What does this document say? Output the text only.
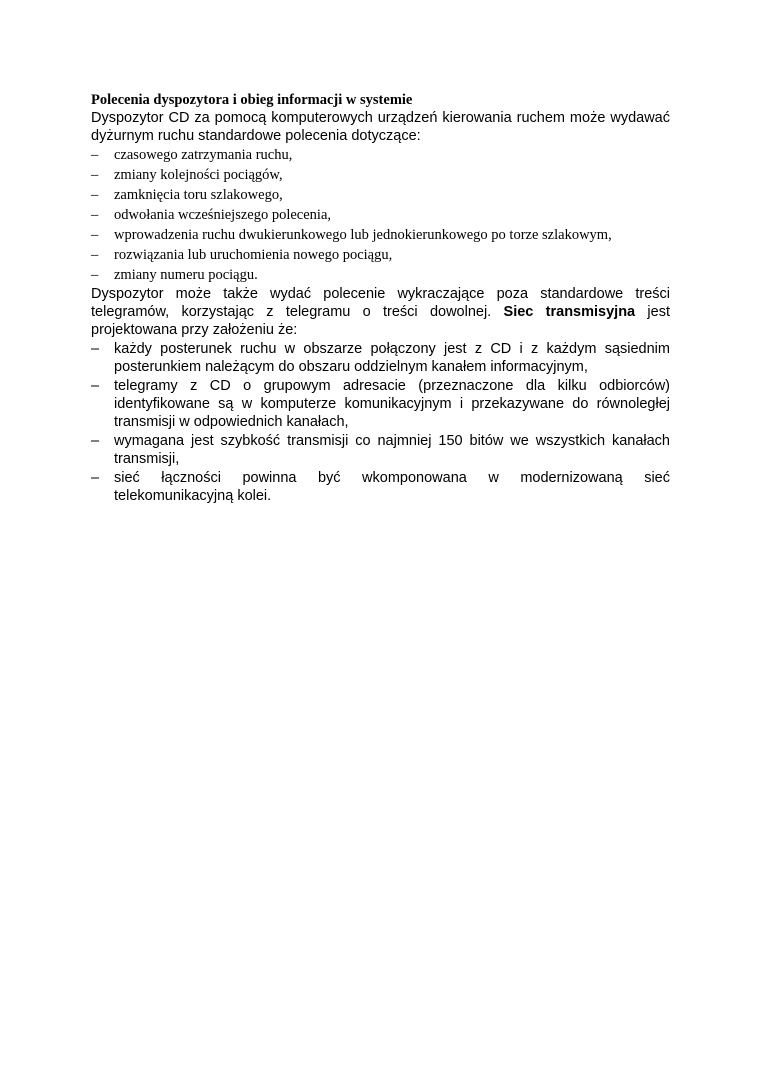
Polecenia dyspozytora i obieg informacji w systemie

Dyspozytor CD za pomocą komputerowych urządzeń kierowania ruchem może wydawać dyżurnym ruchu standardowe polecenia dotyczące:

– czasowego zatrzymania ruchu,
– zmiany kolejności pociągów,
– zamknięcia toru szlakowego,
– odwołania wcześniejszego polecenia,
– wprowadzenia ruchu dwukierunkowego lub jednokierunkowego po torze szlakowym,
– rozwiązania lub uruchomienia nowego pociągu,
– zmiany numeru pociągu.

Dyspozytor może także wydać polecenie wykraczające poza standardowe treści telegramów, korzystając z telegramu o treści dowolnej. Siec transmisyjna jest projektowana przy założeniu że:

– każdy posterunek ruchu w obszarze połączony jest z CD i z każdym sąsiednim posterunkiem należącym do obszaru oddzielnym kanałem informacyjnym,
– telegramy z CD o grupowym adresacie (przeznaczone dla kilku odbiorców) identyfikowane są w komputerze komunikacyjnym i przekazywane do równoległej transmisji w odpowiednich kanałach,
– wymagana jest szybkość transmisji co najmniej 150 bitów we wszystkich kanałach transmisji,
– sieć łączności powinna być wkomponowana w modernizowaną sieć telekomunikacyjną kolei.
